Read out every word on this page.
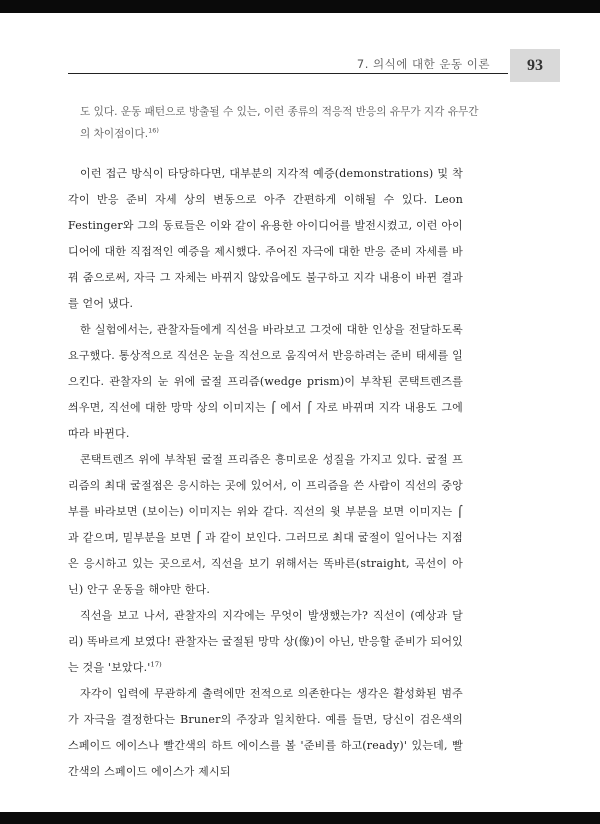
7. 의식에 대한 운동 이론	93
도 있다. 운동 패턴으로 방출될 수 있는, 이런 종류의 적응적 반응의 유무가 지각 유무간의 차이점이다.$^{16)}$

이런 접근 방식이 타당하다면, 대부분의 지각적 예증(demonstrations) 및 착각이 반응 준비 자세 상의 변동으로 아주 간편하게 이해될 수 있다. Leon Festinger와 그의 동료들은 이와 같이 유용한 아이디어를 발전시켰고, 이런 아이디어에 대한 직접적인 예증을 제시했다. 주어진 자극에 대한 반응 준비 자세를 바꿔 줌으로써, 자극 그 자체는 바뀌지 않았음에도 불구하고 지각 내용이 바뀐 결과를 얻어 냈다.

한 실험에서는, 관찰자들에게 직선을 바라보고 그것에 대한 인상을 전달하도록 요구했다. 통상적으로 직선은 눈을 직선으로 움직여서 반응하려는 준비 태세를 일으킨다. 관찰자의 눈 위에 굴절 프리즘(wedge prism)이 부착된 콘택트렌즈를 씌우면, 직선에 대한 망막 상의 이미지는 ⌠ 에서 ⌠ 자로 바뀌며 지각 내용도 그에 따라 바뀐다.

콘택트렌즈 위에 부착된 굴절 프리즘은 흥미로운 성질을 가지고 있다. 굴절 프리즘의 최대 굴절점은 응시하는 곳에 있어서, 이 프리즘을 쓴 사람이 직선의 중앙부를 바라보면 (보이는) 이미지는 위와 같다. 직선의 윗 부분을 보면 이미지는 ⌠ 과 같으며, 밑부분을 보면 ⌠ 과 같이 보인다. 그러므로 최대 굴절이 일어나는 지점은 응시하고 있는 곳으로서, 직선을 보기 위해서는 똑바른(straight, 곡선이 아닌) 안구 운동을 해야만 한다.

직선을 보고 나서, 관찰자의 지각에는 무엇이 발생했는가? 직선이 (예상과 달리) 똑바르게 보였다! 관찰자는 굴절된 망막 상(像)이 아닌, 반응할 준비가 되어있는 것을 '보았다$.'^{17)}$

자각이 입력에 무관하게 출력에만 전적으로 의존한다는 생각은 활성화된 범주가 자극을 결정한다는 Bruner의 주장과 일치한다. 예를 들면, 당신이 검은색의 스페이드 에이스나 빨간색의 하트 에이스를 볼 '준비를 하고(ready)' 있는데, 빨간색의 스페이드 에이스가 제시되
